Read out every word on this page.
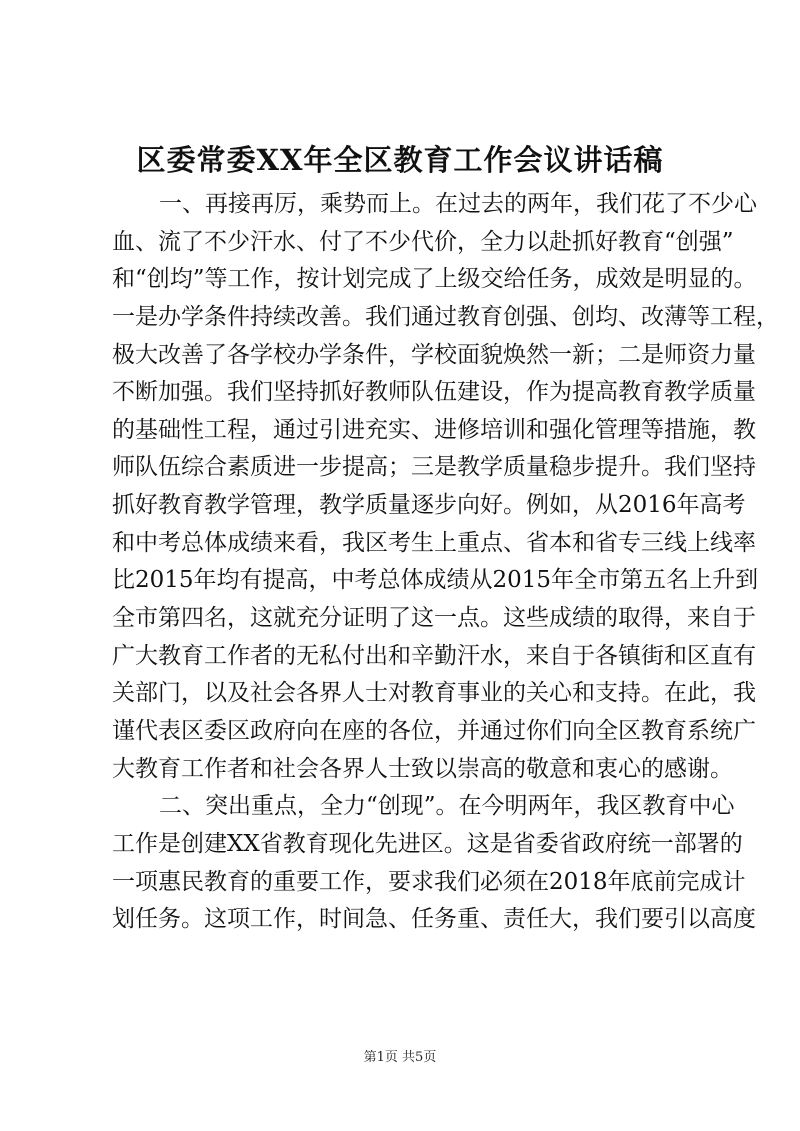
区委常委XX年全区教育工作会议讲话稿
一、再接再厉，乘势而上。在过去的两年，我们花了不少心
血、流了不少汗水、付了不少代价，全力以赴抓好教育“创强”
和“创均”等工作，按计划完成了上级交给任务，成效是明显的。
一是办学条件持续改善。我们通过教育创强、创均、改薄等工程，
极大改善了各学校办学条件，学校面貌焕然一新；二是师资力量
不断加强。我们坚持抓好教师队伍建设，作为提高教育教学质量
的基础性工程，通过引进充实、进修培训和强化管理等措施，教
师队伍综合素质进一步提高；三是教学质量稳步提升。我们坚持
抓好教育教学管理，教学质量逐步向好。例如，从2016年高考
和中考总体成绩来看，我区考生上重点、省本和省专三线上线率
比2015年均有提高，中考总体成绩从2015年全市第五名上升到
全市第四名，这就充分证明了这一点。这些成绩的取得，来自于
广大教育工作者的无私付出和辛勤汗水，来自于各镇街和区直有
关部门，以及社会各界人士对教育事业的关心和支持。在此，我
谨代表区委区政府向在座的各位，并通过你们向全区教育系统广
大教育工作者和社会各界人士致以崇高的敬意和衷心的感谢。
二、突出重点，全力“创现”。在今明两年，我区教育中心
工作是创建XX省教育现化先进区。这是省委省政府统一部署的
一项惠民教育的重要工作，要求我们必须在2018年底前完成计
划任务。这项工作，时间急、任务重、责任大，我们要引以高度
第1页 共5页
